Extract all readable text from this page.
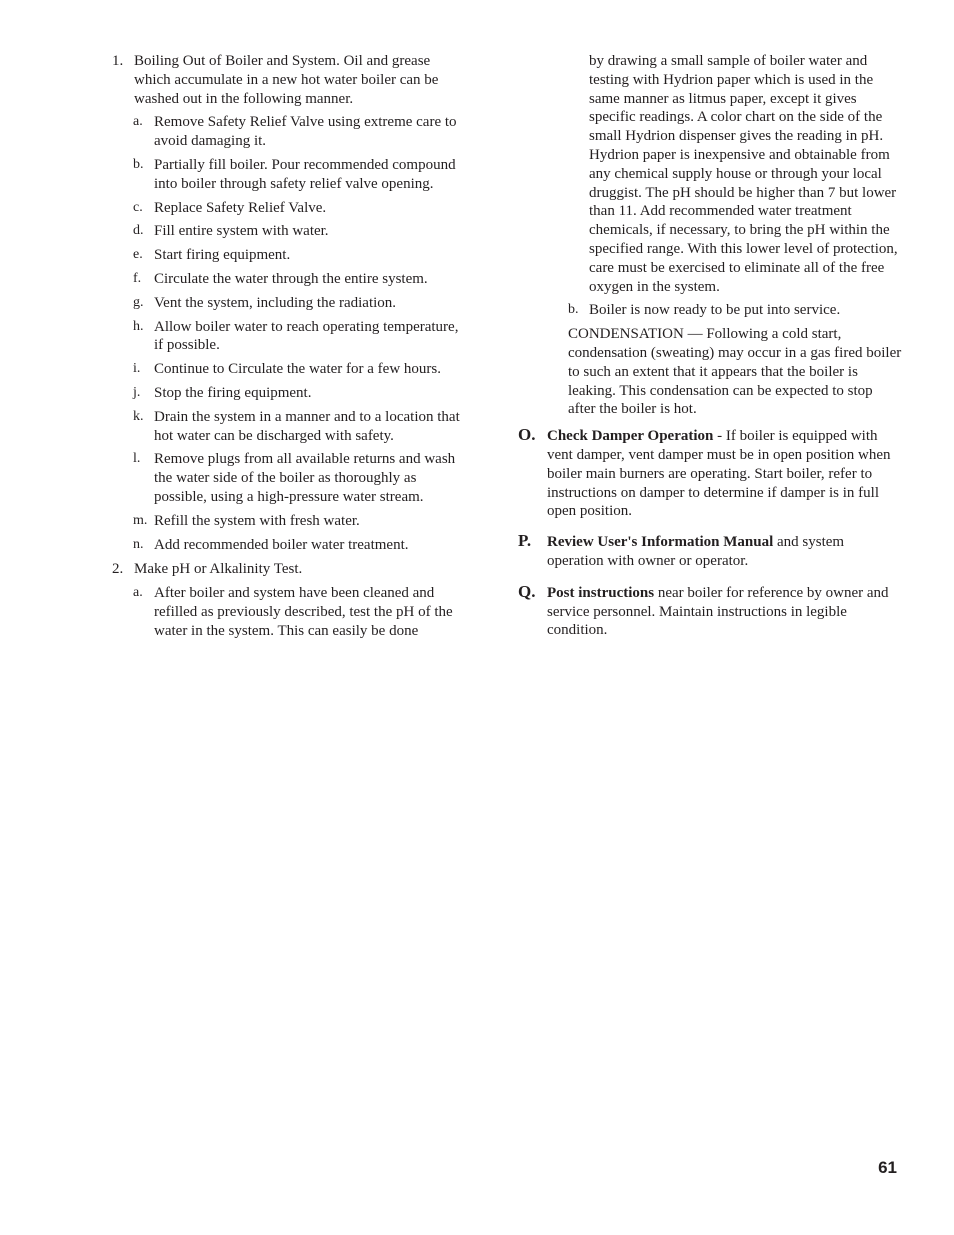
1. Boiling Out of Boiler and System. Oil and grease which accumulate in a new hot water boiler can be washed out in the following manner.
a. Remove Safety Relief Valve using extreme care to avoid damaging it.
b. Partially fill boiler. Pour recommended compound into boiler through safety relief valve opening.
c. Replace Safety Relief Valve.
d. Fill entire system with water.
e. Start firing equipment.
f. Circulate the water through the entire system.
g. Vent the system, including the radiation.
h. Allow boiler water to reach operating temperature, if possible.
i. Continue to Circulate the water for a few hours.
j. Stop the firing equipment.
k. Drain the system in a manner and to a location that hot water can be discharged with safety.
l. Remove plugs from all available returns and wash the water side of the boiler as thoroughly as possible, using a high-pressure water stream.
m. Refill the system with fresh water.
n. Add recommended boiler water treatment.
2. Make pH or Alkalinity Test.
a. After boiler and system have been cleaned and refilled as previously described, test the pH of the water in the system. This can easily be done
by drawing a small sample of boiler water and testing with Hydrion paper which is used in the same manner as litmus paper, except it gives specific readings. A color chart on the side of the small Hydrion dispenser gives the reading in pH. Hydrion paper is inexpensive and obtainable from any chemical supply house or through your local druggist. The pH should be higher than 7 but lower than 11. Add recommended water treatment chemicals, if necessary, to bring the pH within the specified range. With this lower level of protection, care must be exercised to eliminate all of the free oxygen in the system.
b. Boiler is now ready to be put into service.
CONDENSATION — Following a cold start, condensation (sweating) may occur in a gas fired boiler to such an extent that it appears that the boiler is leaking. This condensation can be expected to stop after the boiler is hot.
O. Check Damper Operation - If boiler is equipped with vent damper, vent damper must be in open position when boiler main burners are operating. Start boiler, refer to instructions on damper to determine if damper is in full open position.
P.	Review User's Information Manual and system operation with owner or operator.
Q. Post instructions near boiler for reference by owner and service personnel. Maintain instructions in legible condition.
61
